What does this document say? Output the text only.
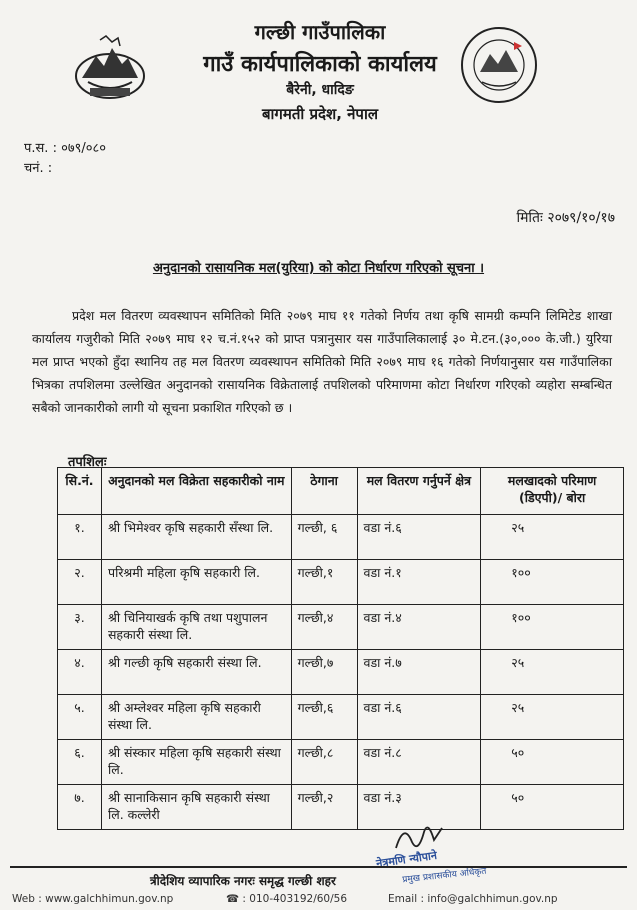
गल्छी गाउँपालिका
गाउँ कार्यपालिकाको कार्यालय
बैरेनी, धादिङ
बागमती प्रदेश, नेपाल
प.स. : ०७९/०८०
चनं. :
मितिः २०७९/१०/१७
अनुदानको रासायनिक मल(युरिया) को कोटा निर्धारण गरिएको सूचना ।
प्रदेश मल वितरण व्यवस्थापन समितिको मिति २०७९ माघ ११ गतेको निर्णय तथा कृषि सामग्री कम्पनि लिमिटेड शाखा कार्यालय गजुरीको मिति २०७९ माघ १२ च.नं.१५२ को प्राप्त पत्रानुसार यस गाउँपालिकालाई ३० मे.टन.(३०,००० के.जी.) युरिया मल प्राप्त भएको हुँदा स्थानिय तह मल वितरण व्यवस्थापन समितिको मिति २०७९ माघ १६ गतेको निर्णयानुसार यस गाउँपालिका भित्रका तपशिलमा उल्लेखित अनुदानको रासायनिक विक्रेतालाई तपशिलको परिमाणमा कोटा निर्धारण गरिएको व्यहोरा सम्बन्धित सबैको जानकारीको लागी यो सूचना प्रकाशित गरिएको छ ।
तपशिलः
सि.नं.	अनुदानको मल विक्रेता सहकारीको नाम	ठेगाना	मल वितरण गर्नुपर्ने क्षेत्र	मलखादको परिमाण (डिएपी)/ बोरा
१.	श्री भिमेश्वर कृषि सहकारी सँस्था लि.	गल्छी, ६	वडा नं.६	२५
२.	परिश्रमी महिला कृषि सहकारी लि.	गल्छी,१	वडा नं.१	१००
३.	श्री चिनियाखर्क कृषि तथा पशुपालन सहकारी संस्था लि.	गल्छी,४	वडा नं.४	१००
४.	श्री गल्छी कृषि सहकारी संस्था लि.	गल्छी,७	वडा नं.७	२५
५.	श्री अम्लेश्वर महिला कृषि सहकारी संस्था लि.	गल्छी,६	वडा नं.६	२५
६.	श्री संस्कार महिला कृषि सहकारी संस्था लि.	गल्छी,८	वडा नं.८	५०
७.	श्री सानाकिसान कृषि सहकारी संस्था लि. कल्लेरी	गल्छी,२	वडा नं.३	५०
नेत्रमणि न्यौपाने
प्रमुख प्रशासकीय अधिकृत
त्रीदेशिय व्यापारिक नगरः समृद्ध गल्छी शहर
Web : www.galchhimun.gov.np	☎ : 010-403192/60/56	Email : info@galchhimun.gov.np
